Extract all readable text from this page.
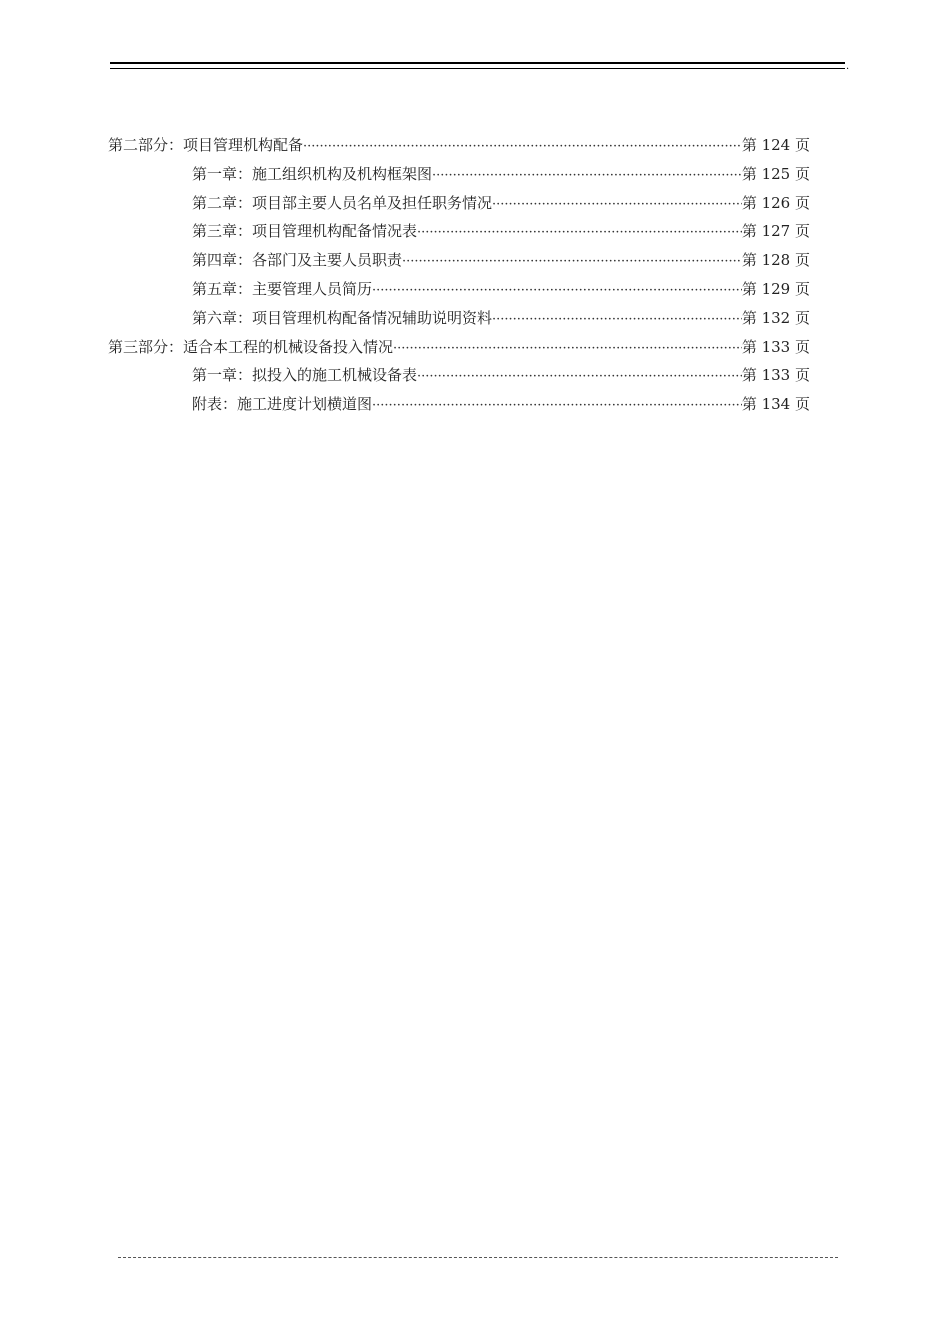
.
第二部分：项目管理机构配备 ·····	第 124 页
第一章：施工组织机构及机构框架图 ·····	第 125 页
第二章：项目部主要人员名单及担任职务情况 ·····	第 126 页
第三章：项目管理机构配备情况表 ·····	第 127 页
第四章：各部门及主要人员职责 ·····	第 128 页
第五章：主要管理人员简历 ·····	第 129 页
第六章：项目管理机构配备情况辅助说明资料 ·····	第 132 页
第三部分：适合本工程的机械设备投入情况 ·····	第 133 页
第一章：拟投入的施工机械设备表 ·····	第 133 页
附表：施工进度计划横道图 ·····	第 134 页
